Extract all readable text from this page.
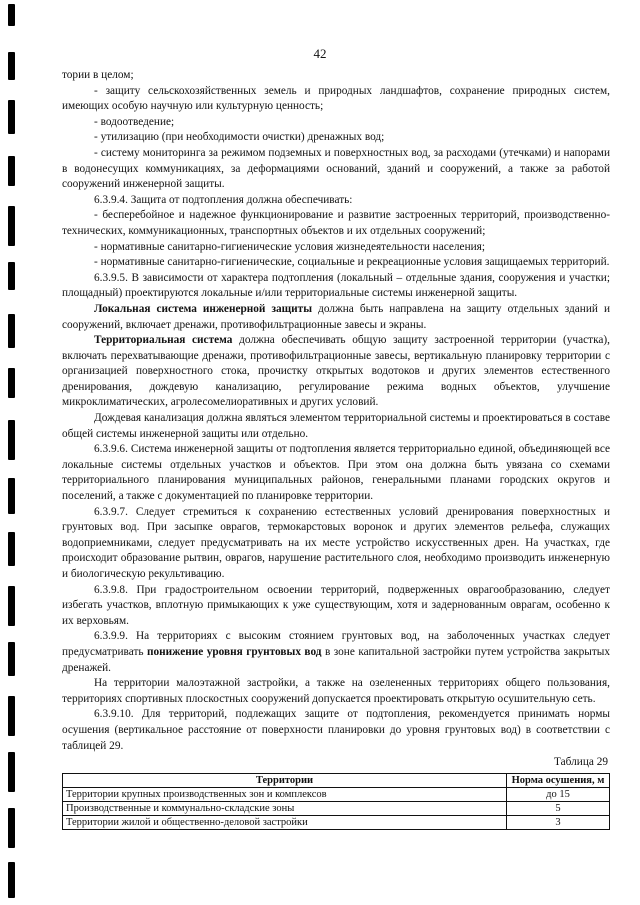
42

тории в целом;

- защиту сельскохозяйственных земель и природных ландшафтов, сохранение природных систем, имеющих особую научную или культурную ценность;

- водоотведение;

- утилизацию (при необходимости очистки) дренажных вод;

- систему мониторинга за режимом подземных и поверхностных вод, за расходами (утечками) и напорами в водонесущих коммуникациях, за деформациями оснований, зданий и сооружений, а также за работой сооружений инженерной защиты.

6.3.9.4. Защита от подтопления должна обеспечивать:

- бесперебойное и надежное функционирование и развитие застроенных территорий, производственно-технических, коммуникационных, транспортных объектов и их отдельных сооружений;

- нормативные санитарно-гигиенические условия жизнедеятельности населения;

- нормативные санитарно-гигиенические, социальные и рекреационные условия защищаемых территорий.

6.3.9.5. В зависимости от характера подтопления (локальный – отдельные здания, сооружения и участки; площадный) проектируются локальные и/или территориальные системы инженерной защиты.

Локальная система инженерной защиты должна быть направлена на защиту отдельных зданий и сооружений, включает дренажи, противофильтрационные завесы и экраны.

Территориальная система должна обеспечивать общую защиту застроенной территории (участка), включать перехватывающие дренажи, противофильтрационные завесы, вертикальную планировку территории с организацией поверхностного стока, прочистку открытых водотоков и других элементов естественного дренирования, дождевую канализацию, регулирование режима водных объектов, улучшение микроклиматических, агролесомелиоративных и других условий.

Дождевая канализация должна являться элементом территориальной системы и проектироваться в составе общей системы инженерной защиты или отдельно.

6.3.9.6. Система инженерной защиты от подтопления является территориально единой, объединяющей все локальные системы отдельных участков и объектов. При этом она должна быть увязана со схемами территориального планирования муниципальных районов, генеральными планами городских округов и поселений, а также с документацией по планировке территории.

6.3.9.7. Следует стремиться к сохранению естественных условий дренирования поверхностных и грунтовых вод. При засыпке оврагов, термокарстовых воронок и других элементов рельефа, служащих водоприемниками, следует предусматривать на их месте устройство искусственных дрен. На участках, где происходит образование рытвин, оврагов, нарушение растительного слоя, необходимо производить инженерную и биологическую рекультивацию.

6.3.9.8. При градостроительном освоении территорий, подверженных оврагообразованию, следует избегать участков, вплотную примыкающих к уже существующим, хотя и задернованным оврагам, особенно к их верховьям.

6.3.9.9. На территориях с высоким стоянием грунтовых вод, на заболоченных участках следует предусматривать понижение уровня грунтовых вод в зоне капитальной застройки путем устройства закрытых дренажей.

На территории малоэтажной застройки, а также на озелененных территориях общего пользования, территориях спортивных плоскостных сооружений допускается проектировать открытую осушительную сеть.

6.3.9.10. Для территорий, подлежащих защите от подтопления, рекомендуется принимать нормы осушения (вертикальное расстояние от поверхности планировки до уровня грунтовых вод) в соответствии с таблицей 29.

Таблица 29
Территории	Норма осушения, м
Территории крупных производственных зон и комплексов	до 15
Производственные и коммунально-складские зоны	5
Территории жилой и общественно-деловой застройки	3
